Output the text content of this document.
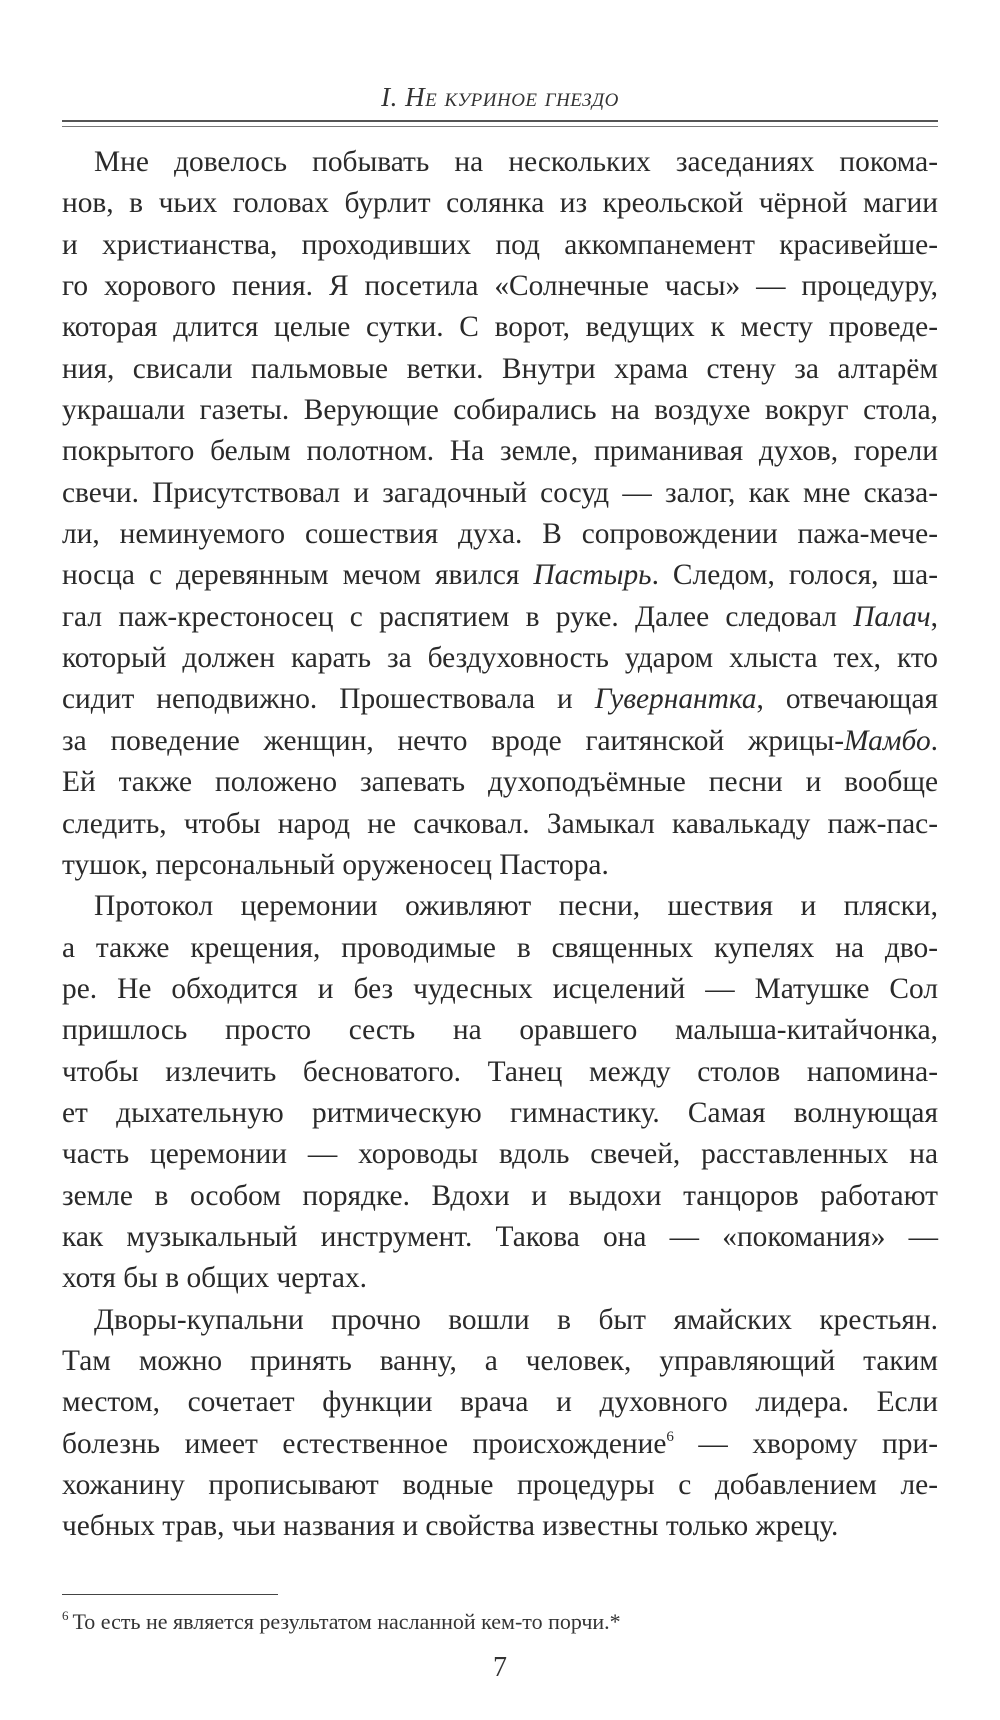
I. Не куриное гнездо

Мне довелось побывать на нескольких заседаниях покома-
нов, в чьих головах бурлит солянка из креольской чёрной магии
и христианства, проходивших под аккомпанемент красивейше-
го хорового пения. Я посетила «Солнечные часы» — процедуру,
которая длится целые сутки. С ворот, ведущих к месту проведе-
ния, свисали пальмовые ветки. Внутри храма стену за алтарём
украшали газеты. Верующие собирались на воздухе вокруг стола,
покрытого белым полотном. На земле, приманивая духов, горели
свечи. Присутствовал и загадочный сосуд — залог, как мне сказа-
ли, неминуемого сошествия духа. В сопровождении пажа-мече-
носца с деревянным мечом явился Пастырь. Следом, голося, ша-
гал паж-крестоносец с распятием в руке. Далее следовал Палач,
который должен карать за бездуховность ударом хлыста тех, кто
сидит неподвижно. Прошествовала и Гувернантка, отвечающая
за поведение женщин, нечто вроде гаитянской жрицы-Мамбо.
Ей также положено запевать духоподъёмные песни и вообще
следить, чтобы народ не сачковал. Замыкал кавалькаду паж-пас-
тушок, персональный оруженосец Пастора.

Протокол церемонии оживляют песни, шествия и пляски,
а также крещения, проводимые в священных купелях на дво-
ре. Не обходится и без чудесных исцелений — Матушке Сол
пришлось просто сесть на оравшего малыша-китайчонка,
чтобы излечить бесноватого. Танец между столов напомина-
ет дыхательную ритмическую гимнастику. Самая волнующая
часть церемонии — хороводы вдоль свечей, расставленных на
земле в особом порядке. Вдохи и выдохи танцоров работают
как музыкальный инструмент. Такова она — «покомания» —
хотя бы в общих чертах.

Дворы-купальни прочно вошли в быт ямайских крестьян.
Там можно принять ванну, а человек, управляющий таким
местом, сочетает функции врача и духовного лидера. Если
болезнь имеет естественное происхождение$^6$ — хворому при-
хожанину прописывают водные процедуры с добавлением ле-
чебных трав, чьи названия и свойства известны только жрецу.

$^6$ То есть не является результатом насланной кем-то порчи.*
7
